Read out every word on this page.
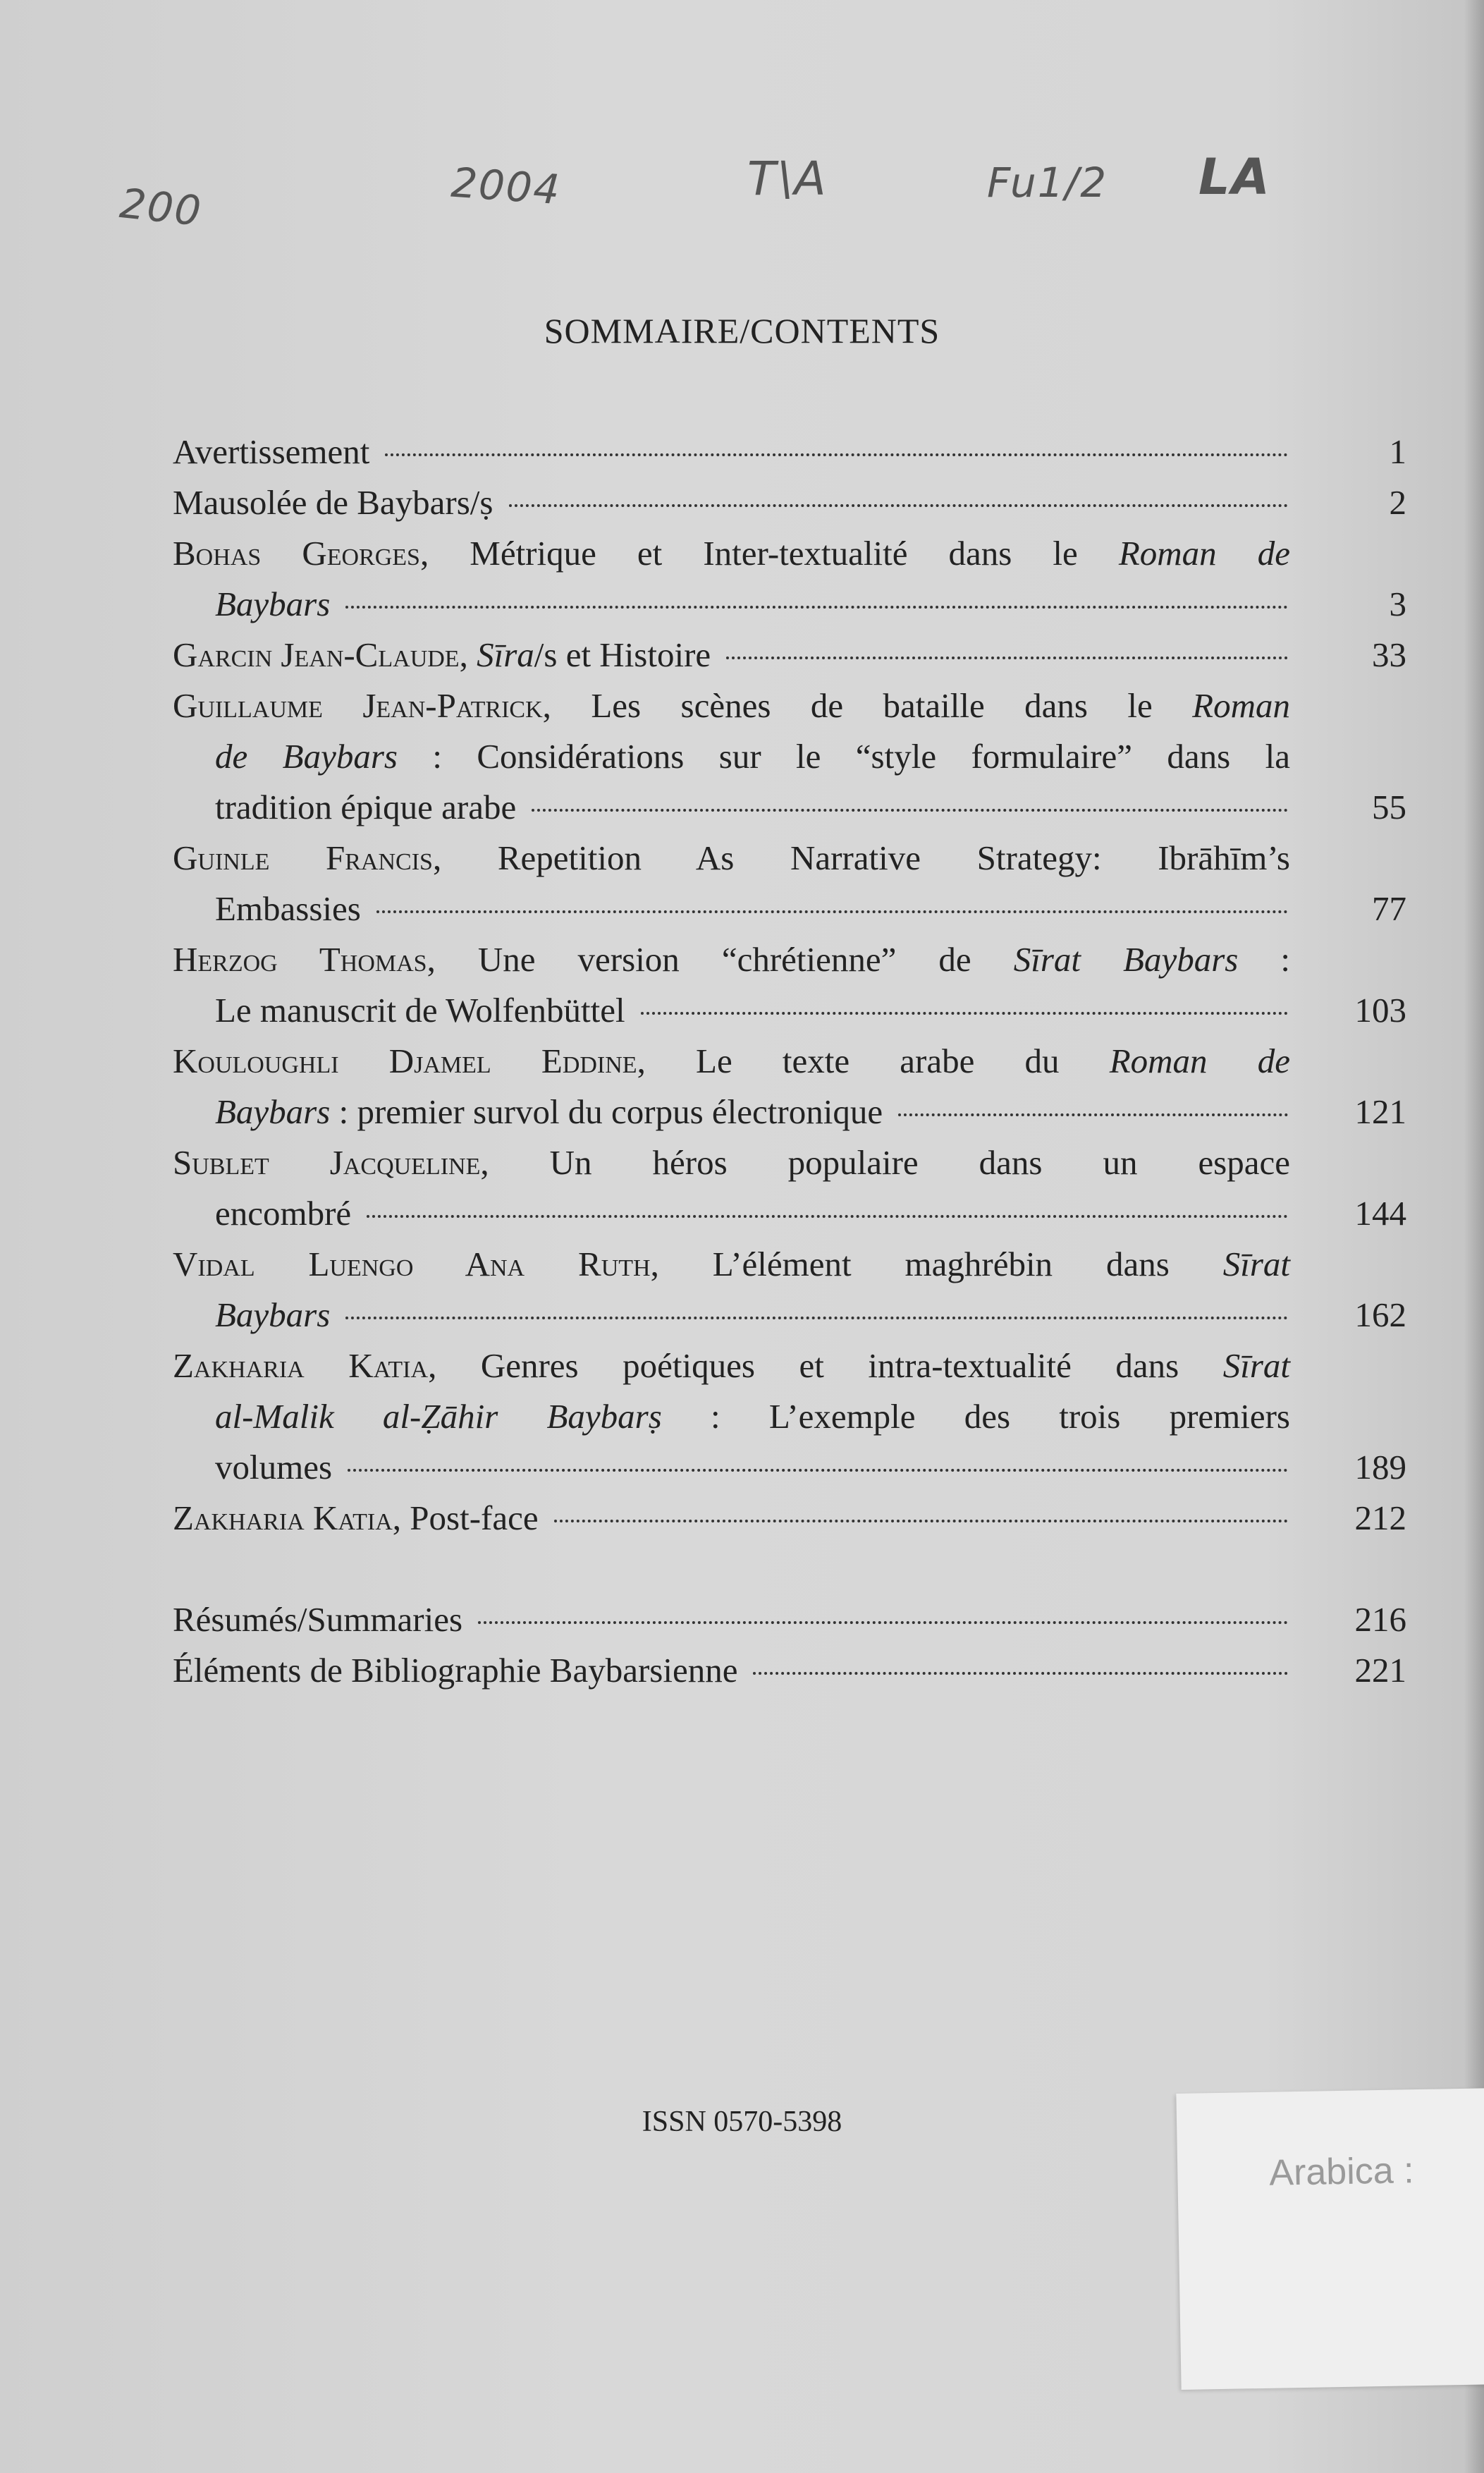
200	2004	T\A	Fu1/2 LA
SOMMAIRE/CONTENTS
Avertissement	1
Mausolée de Baybars/ṣ	2
Bohas Georges, Métrique et Inter-textualité dans le Roman de
Baybars	3
Garcin Jean-Claude, Sīra/s et Histoire	33
Guillaume Jean-Patrick, Les scènes de bataille dans le Roman
de Baybars : Considérations sur le “style formulaire” dans la
tradition épique arabe	55
Guinle Francis, Repetition As Narrative Strategy: Ibrāhīm’s
Embassies	77
Herzog Thomas, Une version “chrétienne” de Sīrat Baybars :
Le manuscrit de Wolfenbüttel	103
Kouloughli Djamel Eddine, Le texte arabe du Roman de
Baybars : premier survol du corpus électronique	121
Sublet Jacqueline, Un héros populaire dans un espace
encombré	144
Vidal Luengo Ana Ruth, L’élément maghrébin dans Sīrat
Baybars	162
Zakharia Katia, Genres poétiques et intra-textualité dans Sīrat
al-Malik al-Ẓāhir Baybarṣ : L’exemple des trois premiers
volumes	189
Zakharia Katia, Post-face	212
Résumés/Summaries	216
Éléments de Bibliographie Baybarsienne	221
ISSN 0570-5398
Arabica :
